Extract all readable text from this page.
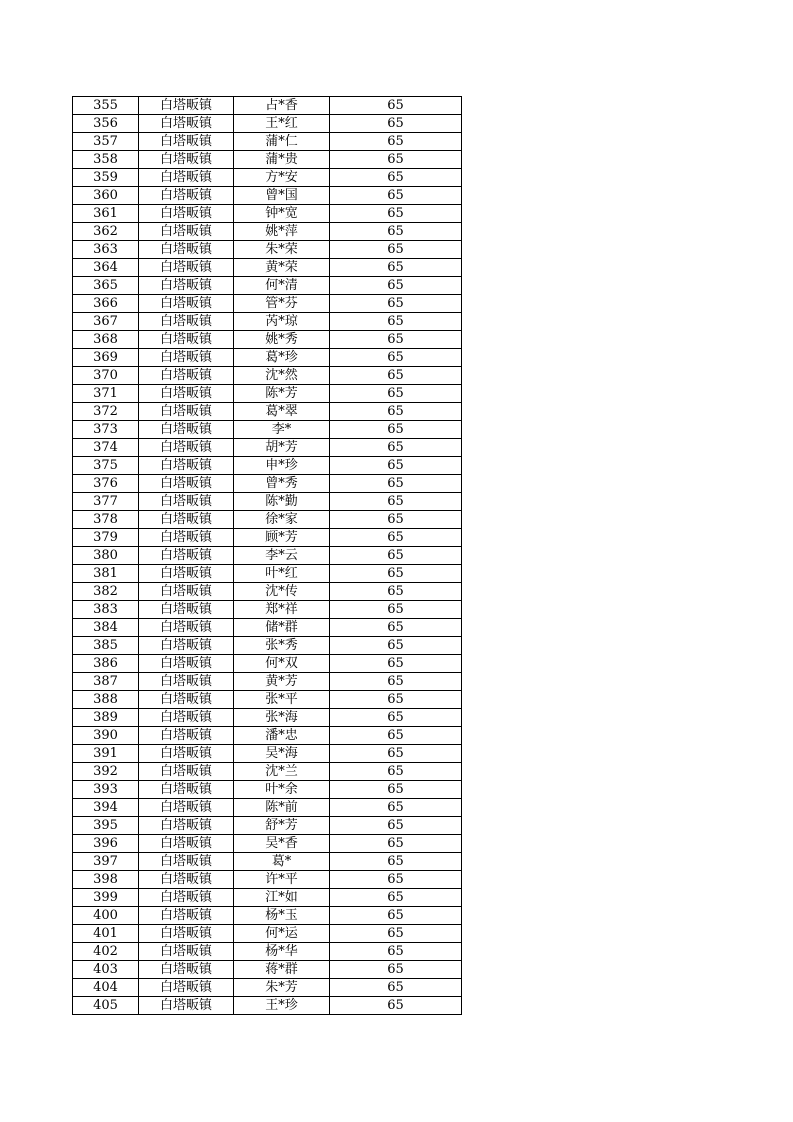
355	白塔畈镇	占*香	65
356	白塔畈镇	王*红	65
357	白塔畈镇	蒲*仁	65
358	白塔畈镇	蒲*贵	65
359	白塔畈镇	方*安	65
360	白塔畈镇	曾*国	65
361	白塔畈镇	钟*宽	65
362	白塔畈镇	姚*萍	65
363	白塔畈镇	朱*荣	65
364	白塔畈镇	黄*荣	65
365	白塔畈镇	何*清	65
366	白塔畈镇	管*芬	65
367	白塔畈镇	芮*琼	65
368	白塔畈镇	姚*秀	65
369	白塔畈镇	葛*珍	65
370	白塔畈镇	沈*然	65
371	白塔畈镇	陈*芳	65
372	白塔畈镇	葛*翠	65
373	白塔畈镇	李*	65
374	白塔畈镇	胡*芳	65
375	白塔畈镇	申*珍	65
376	白塔畈镇	曾*秀	65
377	白塔畈镇	陈*勤	65
378	白塔畈镇	徐*家	65
379	白塔畈镇	顾*芳	65
380	白塔畈镇	李*云	65
381	白塔畈镇	叶*红	65
382	白塔畈镇	沈*传	65
383	白塔畈镇	郑*祥	65
384	白塔畈镇	储*群	65
385	白塔畈镇	张*秀	65
386	白塔畈镇	何*双	65
387	白塔畈镇	黄*芳	65
388	白塔畈镇	张*平	65
389	白塔畈镇	张*海	65
390	白塔畈镇	潘*忠	65
391	白塔畈镇	吴*海	65
392	白塔畈镇	沈*兰	65
393	白塔畈镇	叶*余	65
394	白塔畈镇	陈*前	65
395	白塔畈镇	舒*芳	65
396	白塔畈镇	吴*香	65
397	白塔畈镇	葛*	65
398	白塔畈镇	许*平	65
399	白塔畈镇	江*如	65
400	白塔畈镇	杨*玉	65
401	白塔畈镇	何*运	65
402	白塔畈镇	杨*华	65
403	白塔畈镇	蒋*群	65
404	白塔畈镇	朱*芳	65
405	白塔畈镇	王*珍	65
